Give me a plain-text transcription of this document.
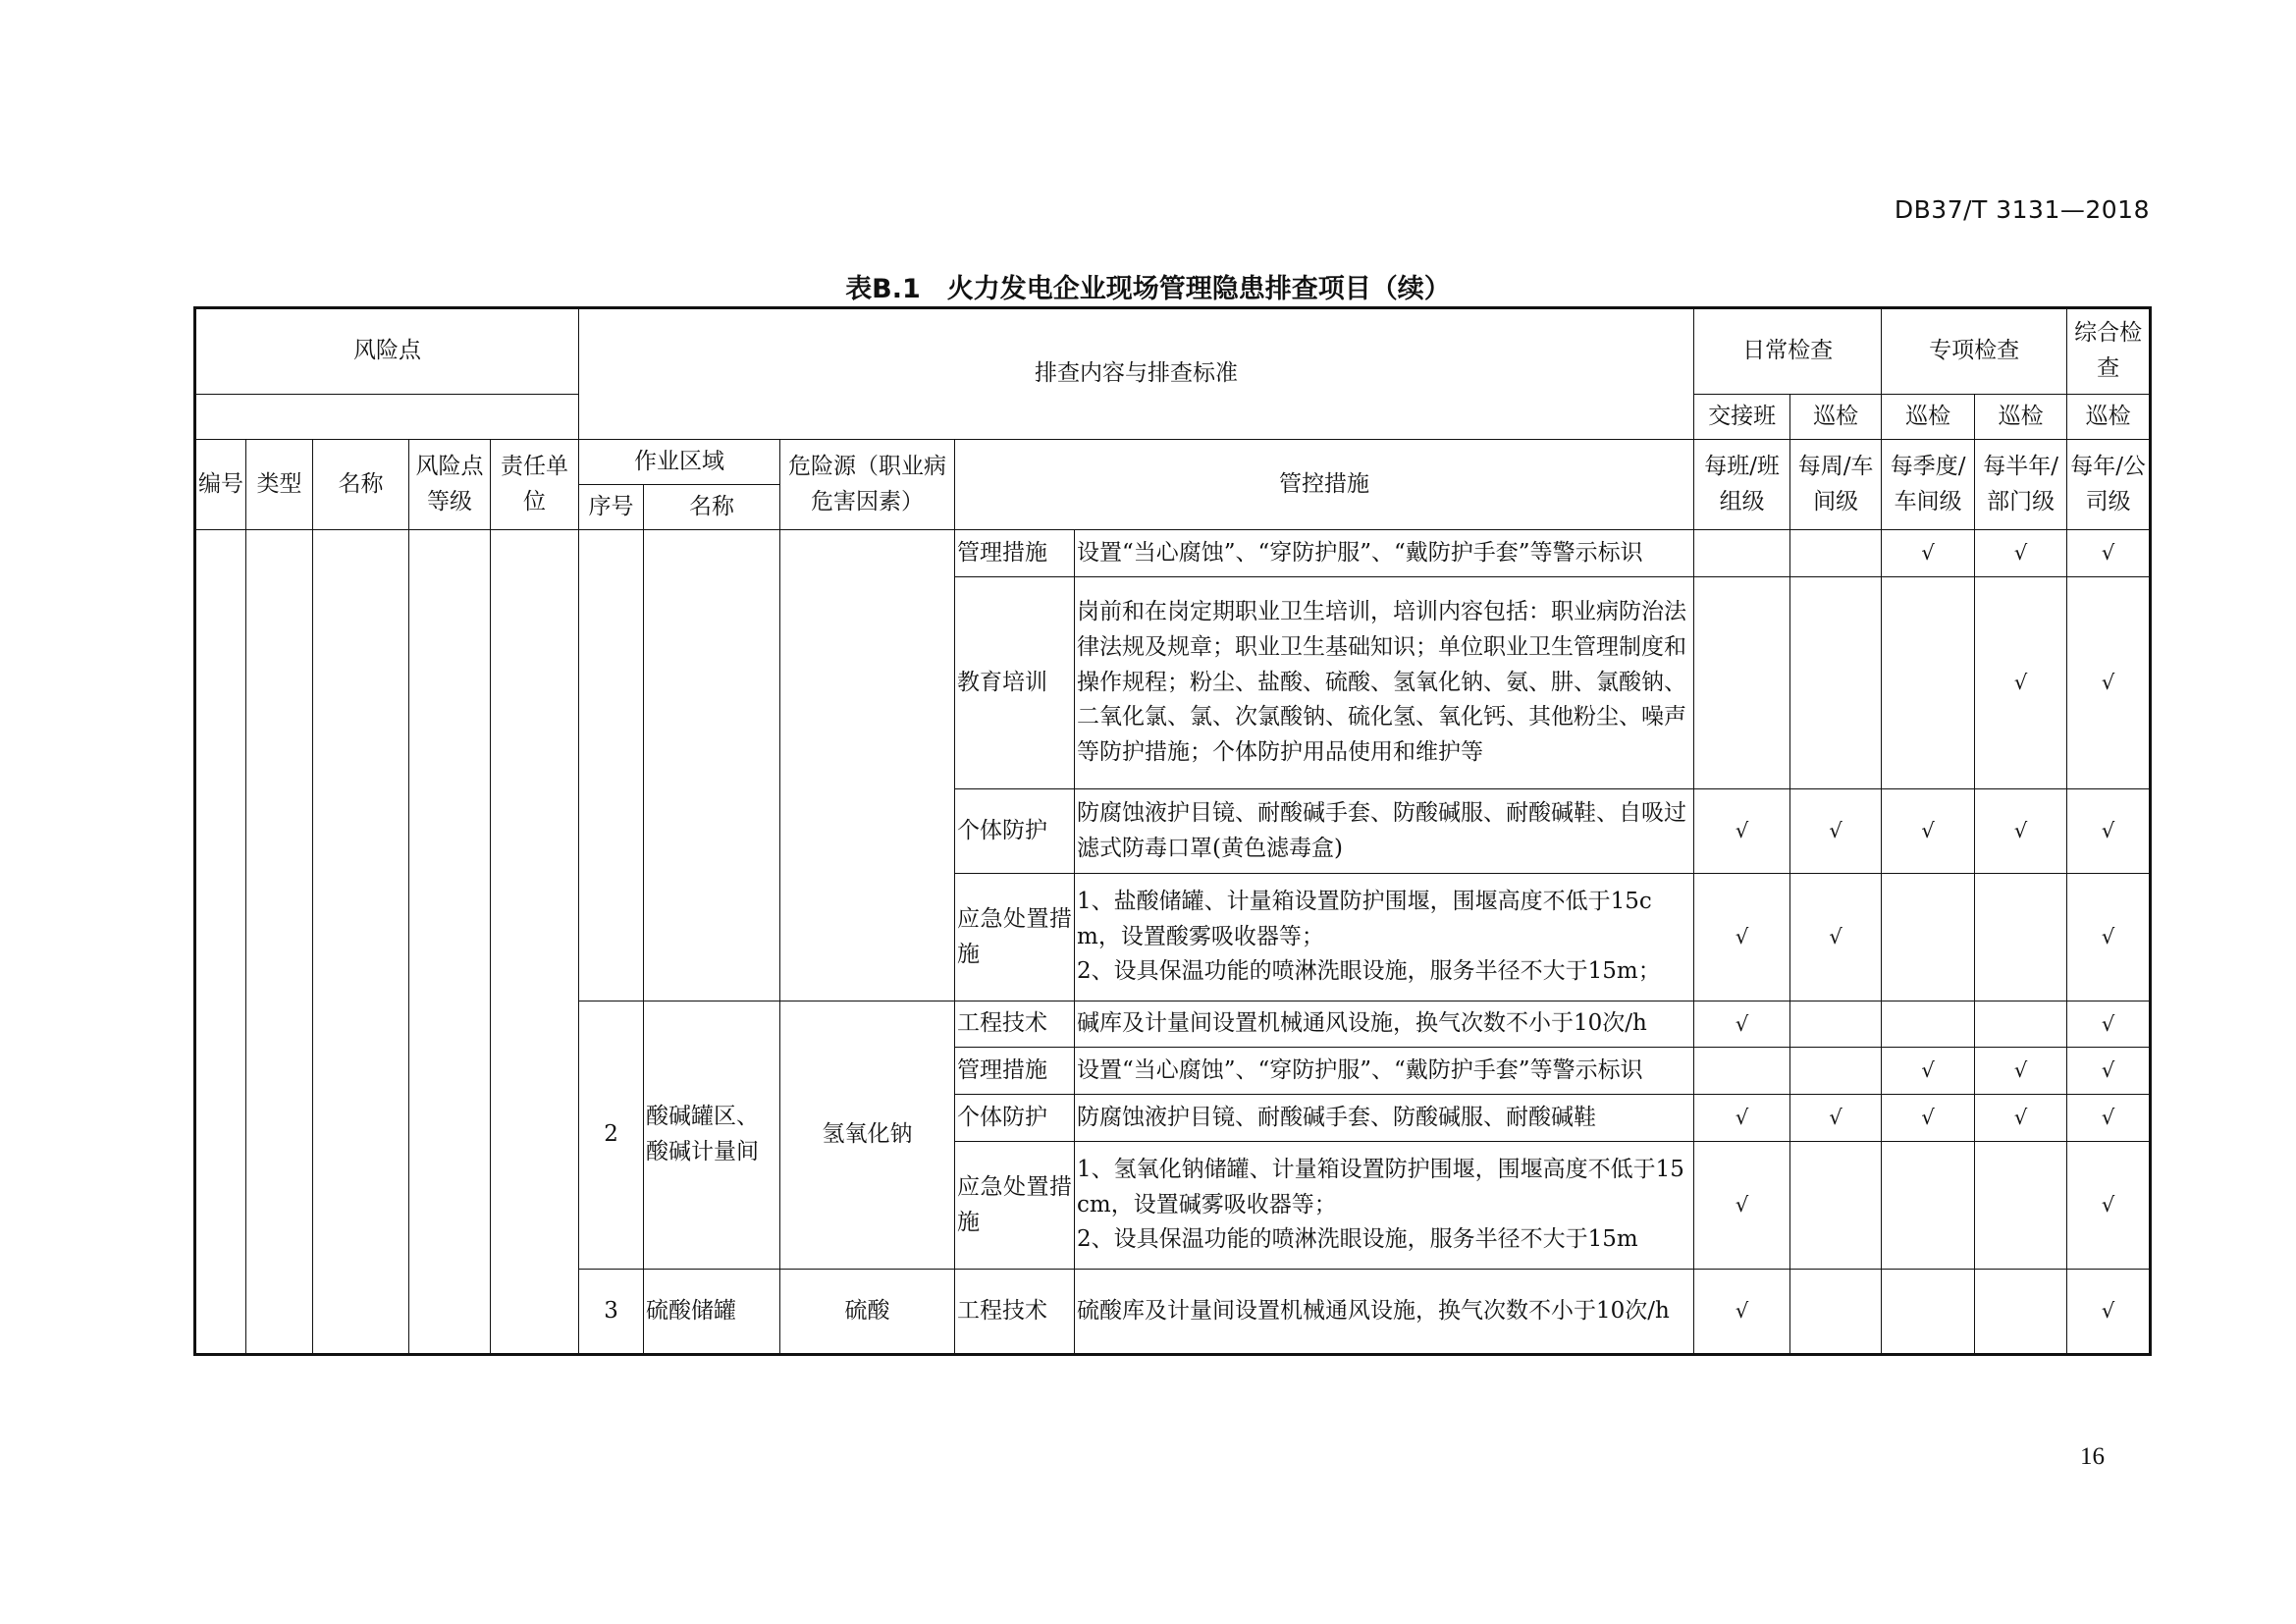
DB37/T 3131—2018
表B.1　火力发电企业现场管理隐患排查项目（续）
风险点					排查内容与排查标准					日常检查		专项检查		综合检查
										交接班	巡检	巡检	巡检	巡检
编号	类型	名称	风险点等级	责任单位	作业区域		危险源（职业病危害因素）	管控措施		每班/班组级	每周/车间级	每季度/车间级	每半年/部门级	每年/公司级
					序号	名称								
								管理措施	设置“当心腐蚀”、“穿防护服”、“戴防护手套”等警示标识			√	√	√
								教育培训	岗前和在岗定期职业卫生培训，培训内容包括：职业病防治法律法规及规章；职业卫生基础知识；单位职业卫生管理制度和操作规程；粉尘、盐酸、硫酸、氢氧化钠、氨、肼、氯酸钠、二氧化氯、氯、次氯酸钠、硫化氢、氧化钙、其他粉尘、噪声等防护措施；个体防护用品使用和维护等				√	√
								个体防护	防腐蚀液护目镜、耐酸碱手套、防酸碱服、耐酸碱鞋、自吸过滤式防毒口罩(黄色滤毒盒)	√	√	√	√	√
								应急处置措施	1、盐酸储罐、计量箱设置防护围堰，围堰高度不低于15cm，设置酸雾吸收器等；
2、设具保温功能的喷淋洗眼设施，服务半径不大于15m；	√	√			√
					2	酸碱罐区、酸碱计量间	氢氧化钠	工程技术	碱库及计量间设置机械通风设施，换气次数不小于10次/h	√				√
								管理措施	设置“当心腐蚀”、“穿防护服”、“戴防护手套”等警示标识			√	√	√
								个体防护	防腐蚀液护目镜、耐酸碱手套、防酸碱服、耐酸碱鞋	√	√	√	√	√
								应急处置措施	1、氢氧化钠储罐、计量箱设置防护围堰，围堰高度不低于15cm，设置碱雾吸收器等；
2、设具保温功能的喷淋洗眼设施，服务半径不大于15m	√				√
					3	硫酸储罐	硫酸	工程技术	硫酸库及计量间设置机械通风设施，换气次数不小于10次/h	√				√
16
